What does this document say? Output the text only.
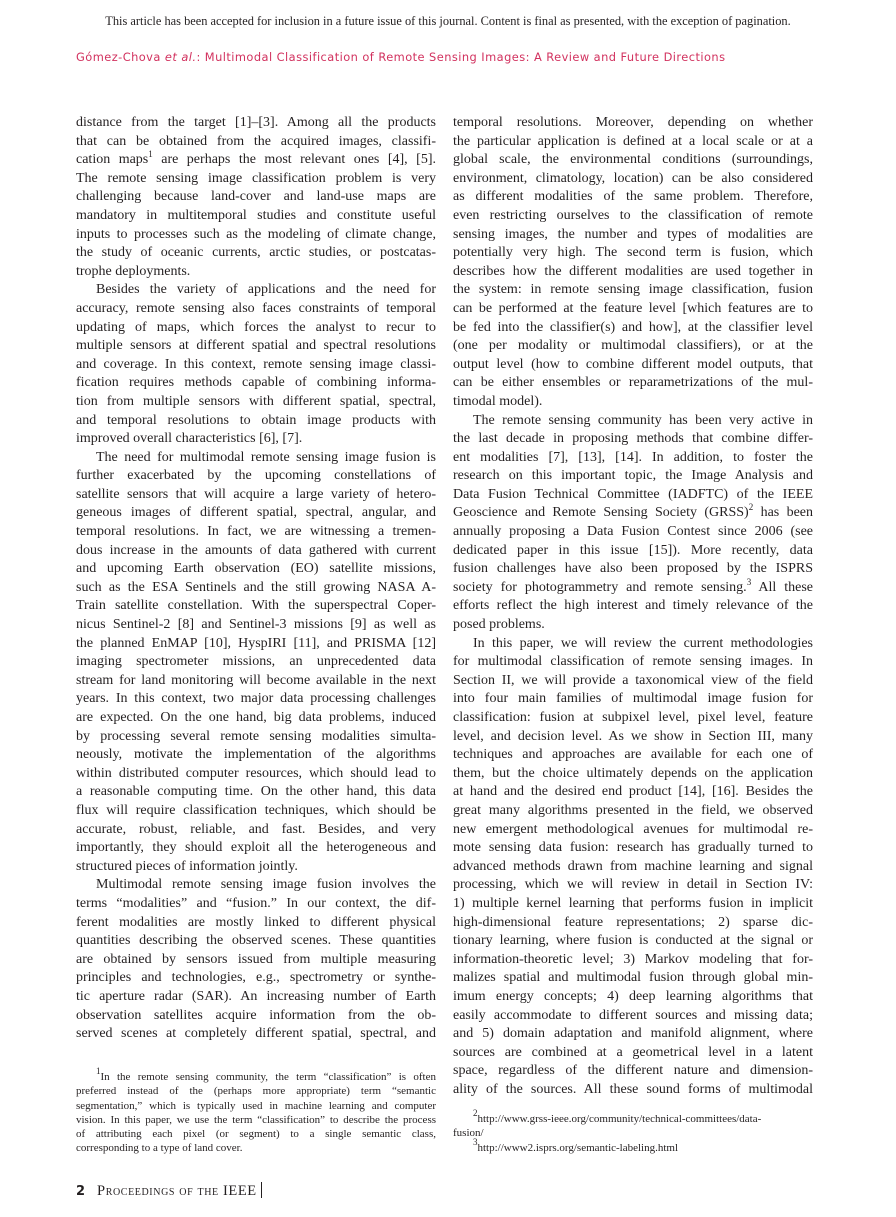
This article has been accepted for inclusion in a future issue of this journal. Content is final as presented, with the exception of pagination.
Gómez-Chova et al.: Multimodal Classification of Remote Sensing Images: A Review and Future Directions
distance from the target [1]–[3]. Among all the products
that can be obtained from the acquired images, classifi-
cation maps$^1$ are perhaps the most relevant ones [4], [5].
The remote sensing image classification problem is very
challenging because land-cover and land-use maps are
mandatory in multitemporal studies and constitute useful
inputs to processes such as the modeling of climate change,
the study of oceanic currents, arctic studies, or postcatas-
trophe deployments.
Besides the variety of applications and the need for
accuracy, remote sensing also faces constraints of temporal
updating of maps, which forces the analyst to recur to
multiple sensors at different spatial and spectral resolutions
and coverage. In this context, remote sensing image classi-
fication requires methods capable of combining informa-
tion from multiple sensors with different spatial, spectral,
and temporal resolutions to obtain image products with
improved overall characteristics [6], [7].
The need for multimodal remote sensing image fusion is
further exacerbated by the upcoming constellations of
satellite sensors that will acquire a large variety of hetero-
geneous images of different spatial, spectral, angular, and
temporal resolutions. In fact, we are witnessing a tremen-
dous increase in the amounts of data gathered with current
and upcoming Earth observation (EO) satellite missions,
such as the ESA Sentinels and the still growing NASA A-
Train satellite constellation. With the superspectral Coper-
nicus Sentinel-2 [8] and Sentinel-3 missions [9] as well as
the planned EnMAP [10], HyspIRI [11], and PRISMA [12]
imaging spectrometer missions, an unprecedented data
stream for land monitoring will become available in the next
years. In this context, two major data processing challenges
are expected. On the one hand, big data problems, induced
by processing several remote sensing modalities simulta-
neously, motivate the implementation of the algorithms
within distributed computer resources, which should lead to
a reasonable computing time. On the other hand, this data
flux will require classification techniques, which should be
accurate, robust, reliable, and fast. Besides, and very
importantly, they should exploit all the heterogeneous and
structured pieces of information jointly.
Multimodal remote sensing image fusion involves the
terms “modalities” and “fusion.” In our context, the dif-
ferent modalities are mostly linked to different physical
quantities describing the observed scenes. These quantities
are obtained by sensors issued from multiple measuring
principles and technologies, e.g., spectrometry or synthe-
tic aperture radar (SAR). An increasing number of Earth
observation satellites acquire information from the ob-
served scenes at completely different spatial, spectral, and
temporal resolutions. Moreover, depending on whether
the particular application is defined at a local scale or at a
global scale, the environmental conditions (surroundings,
environment, climatology, location) can be also considered
as different modalities of the same problem. Therefore,
even restricting ourselves to the classification of remote
sensing images, the number and types of modalities are
potentially very high. The second term is fusion, which
describes how the different modalities are used together in
the system: in remote sensing image classification, fusion
can be performed at the feature level [which features are to
be fed into the classifier(s) and how], at the classifier level
(one per modality or multimodal classifiers), or at the
output level (how to combine different model outputs, that
can be either ensembles or reparametrizations of the mul-
timodal model).
The remote sensing community has been very active in
the last decade in proposing methods that combine differ-
ent modalities [7], [13], [14]. In addition, to foster the
research on this important topic, the Image Analysis and
Data Fusion Technical Committee (IADFTC) of the IEEE
Geoscience and Remote Sensing Society (GRSS)$^2$ has been
annually proposing a Data Fusion Contest since 2006 (see
dedicated paper in this issue [15]). More recently, data
fusion challenges have also been proposed by the ISPRS
society for photogrammetry and remote sensing.$^3$ All these
efforts reflect the high interest and timely relevance of the
posed problems.
In this paper, we will review the current methodologies
for multimodal classification of remote sensing images. In
Section II, we will provide a taxonomical view of the field
into four main families of multimodal image fusion for
classification: fusion at subpixel level, pixel level, feature
level, and decision level. As we show in Section III, many
techniques and approaches are available for each one of
them, but the choice ultimately depends on the application
at hand and the desired end product [14], [16]. Besides the
great many algorithms presented in the field, we observed
new emergent methodological avenues for multimodal re-
mote sensing data fusion: research has gradually turned to
advanced methods drawn from machine learning and signal
processing, which we will review in detail in Section IV:
1) multiple kernel learning that performs fusion in implicit
high-dimensional feature representations; 2) sparse dic-
tionary learning, where fusion is conducted at the signal or
information-theoretic level; 3) Markov modeling that for-
malizes spatial and multimodal fusion through global min-
imum energy concepts; 4) deep learning algorithms that
easily accommodate to different sources and missing data;
and 5) domain adaptation and manifold alignment, where
sources are combined at a geometrical level in a latent
space, regardless of the different nature and dimension-
ality of the sources. All these sound forms of multimodal
$^1$In the remote sensing community, the term “classification” is often
preferred instead of the (perhaps more appropriate) term “semantic
segmentation,” which is typically used in machine learning and computer
vision. In this paper, we use the term “classification” to describe the process
of attributing each pixel (or segment) to a single semantic class,
corresponding to a type of land cover.
$^2$http://www.grss-ieee.org/community/technical-committees/data-
fusion/
$^3$http://www2.isprs.org/semantic-labeling.html
2 Proceedings of the IEEE
